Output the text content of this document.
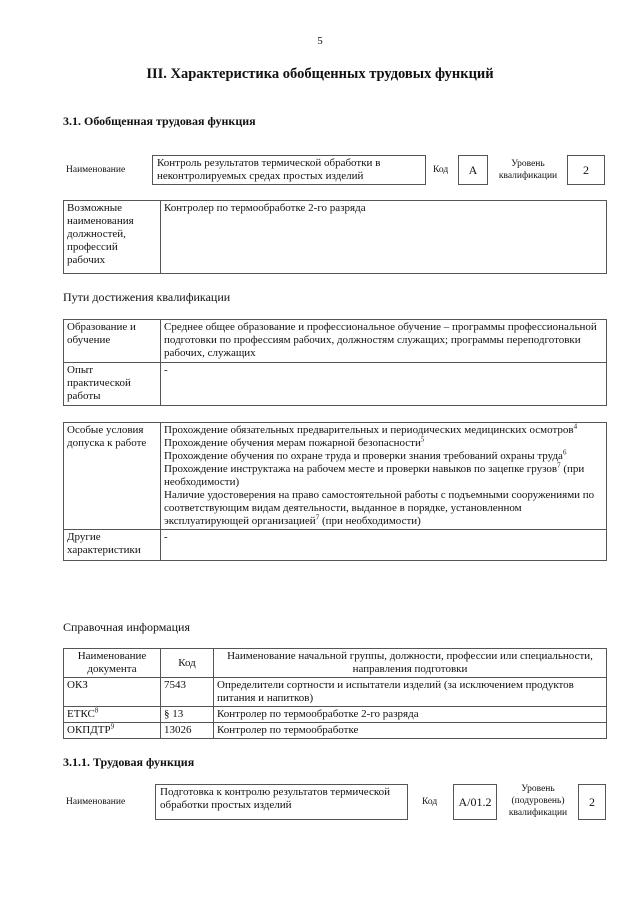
5
III. Характеристика обобщенных трудовых функций
3.1. Обобщенная трудовая функция
Наименование
Контроль результатов термической обработки в неконтролируемых средах простых изделий	Код	А	Уровень квалификации	2
Возможные наименования должностей, профессий рабочих	Контролер по термообработке 2-го разряда
Пути достижения квалификации
Образование и обучение	Среднее общее образование и профессиональное обучение – программы профессиональной подготовки по профессиям рабочих, должностям служащих; программы переподготовки рабочих, служащих
Опыт практической работы	-
Особые условия допуска к работе	Прохождение обязательных предварительных и периодических медицинских осмотров$^4$
Прохождение обучения мерам пожарной безопасности$^5$
Прохождение обучения по охране труда и проверки знания требований охраны труда$^6$
Прохождение инструктажа на рабочем месте и проверки навыков по зацепке грузов$^7$ (при необходимости)
Наличие удостоверения на право самостоятельной работы с подъемными сооружениями по соответствующим видам деятельности, выданное в порядке, установленном эксплуатирующей организацией$^7$ (при необходимости)

Другие характеристики	-
Справочная информация
Наименование документа	Код	Наименование начальной группы, должности, профессии или специальности, направления подготовки
ОКЗ	7543	Определители сортности и испытатели изделий (за исключением продуктов питания и напитков)
ЕТКС$^8$	§ 13	Контролер по термообработке 2-го разряда
ОКПДТР$^9$	13026	Контролер по термообработке
3.1.1. Трудовая функция
Наименование
Подготовка к контролю результатов термической обработки простых изделий	Код	A/01.2
Уровень (подуровень) квалификации
2
